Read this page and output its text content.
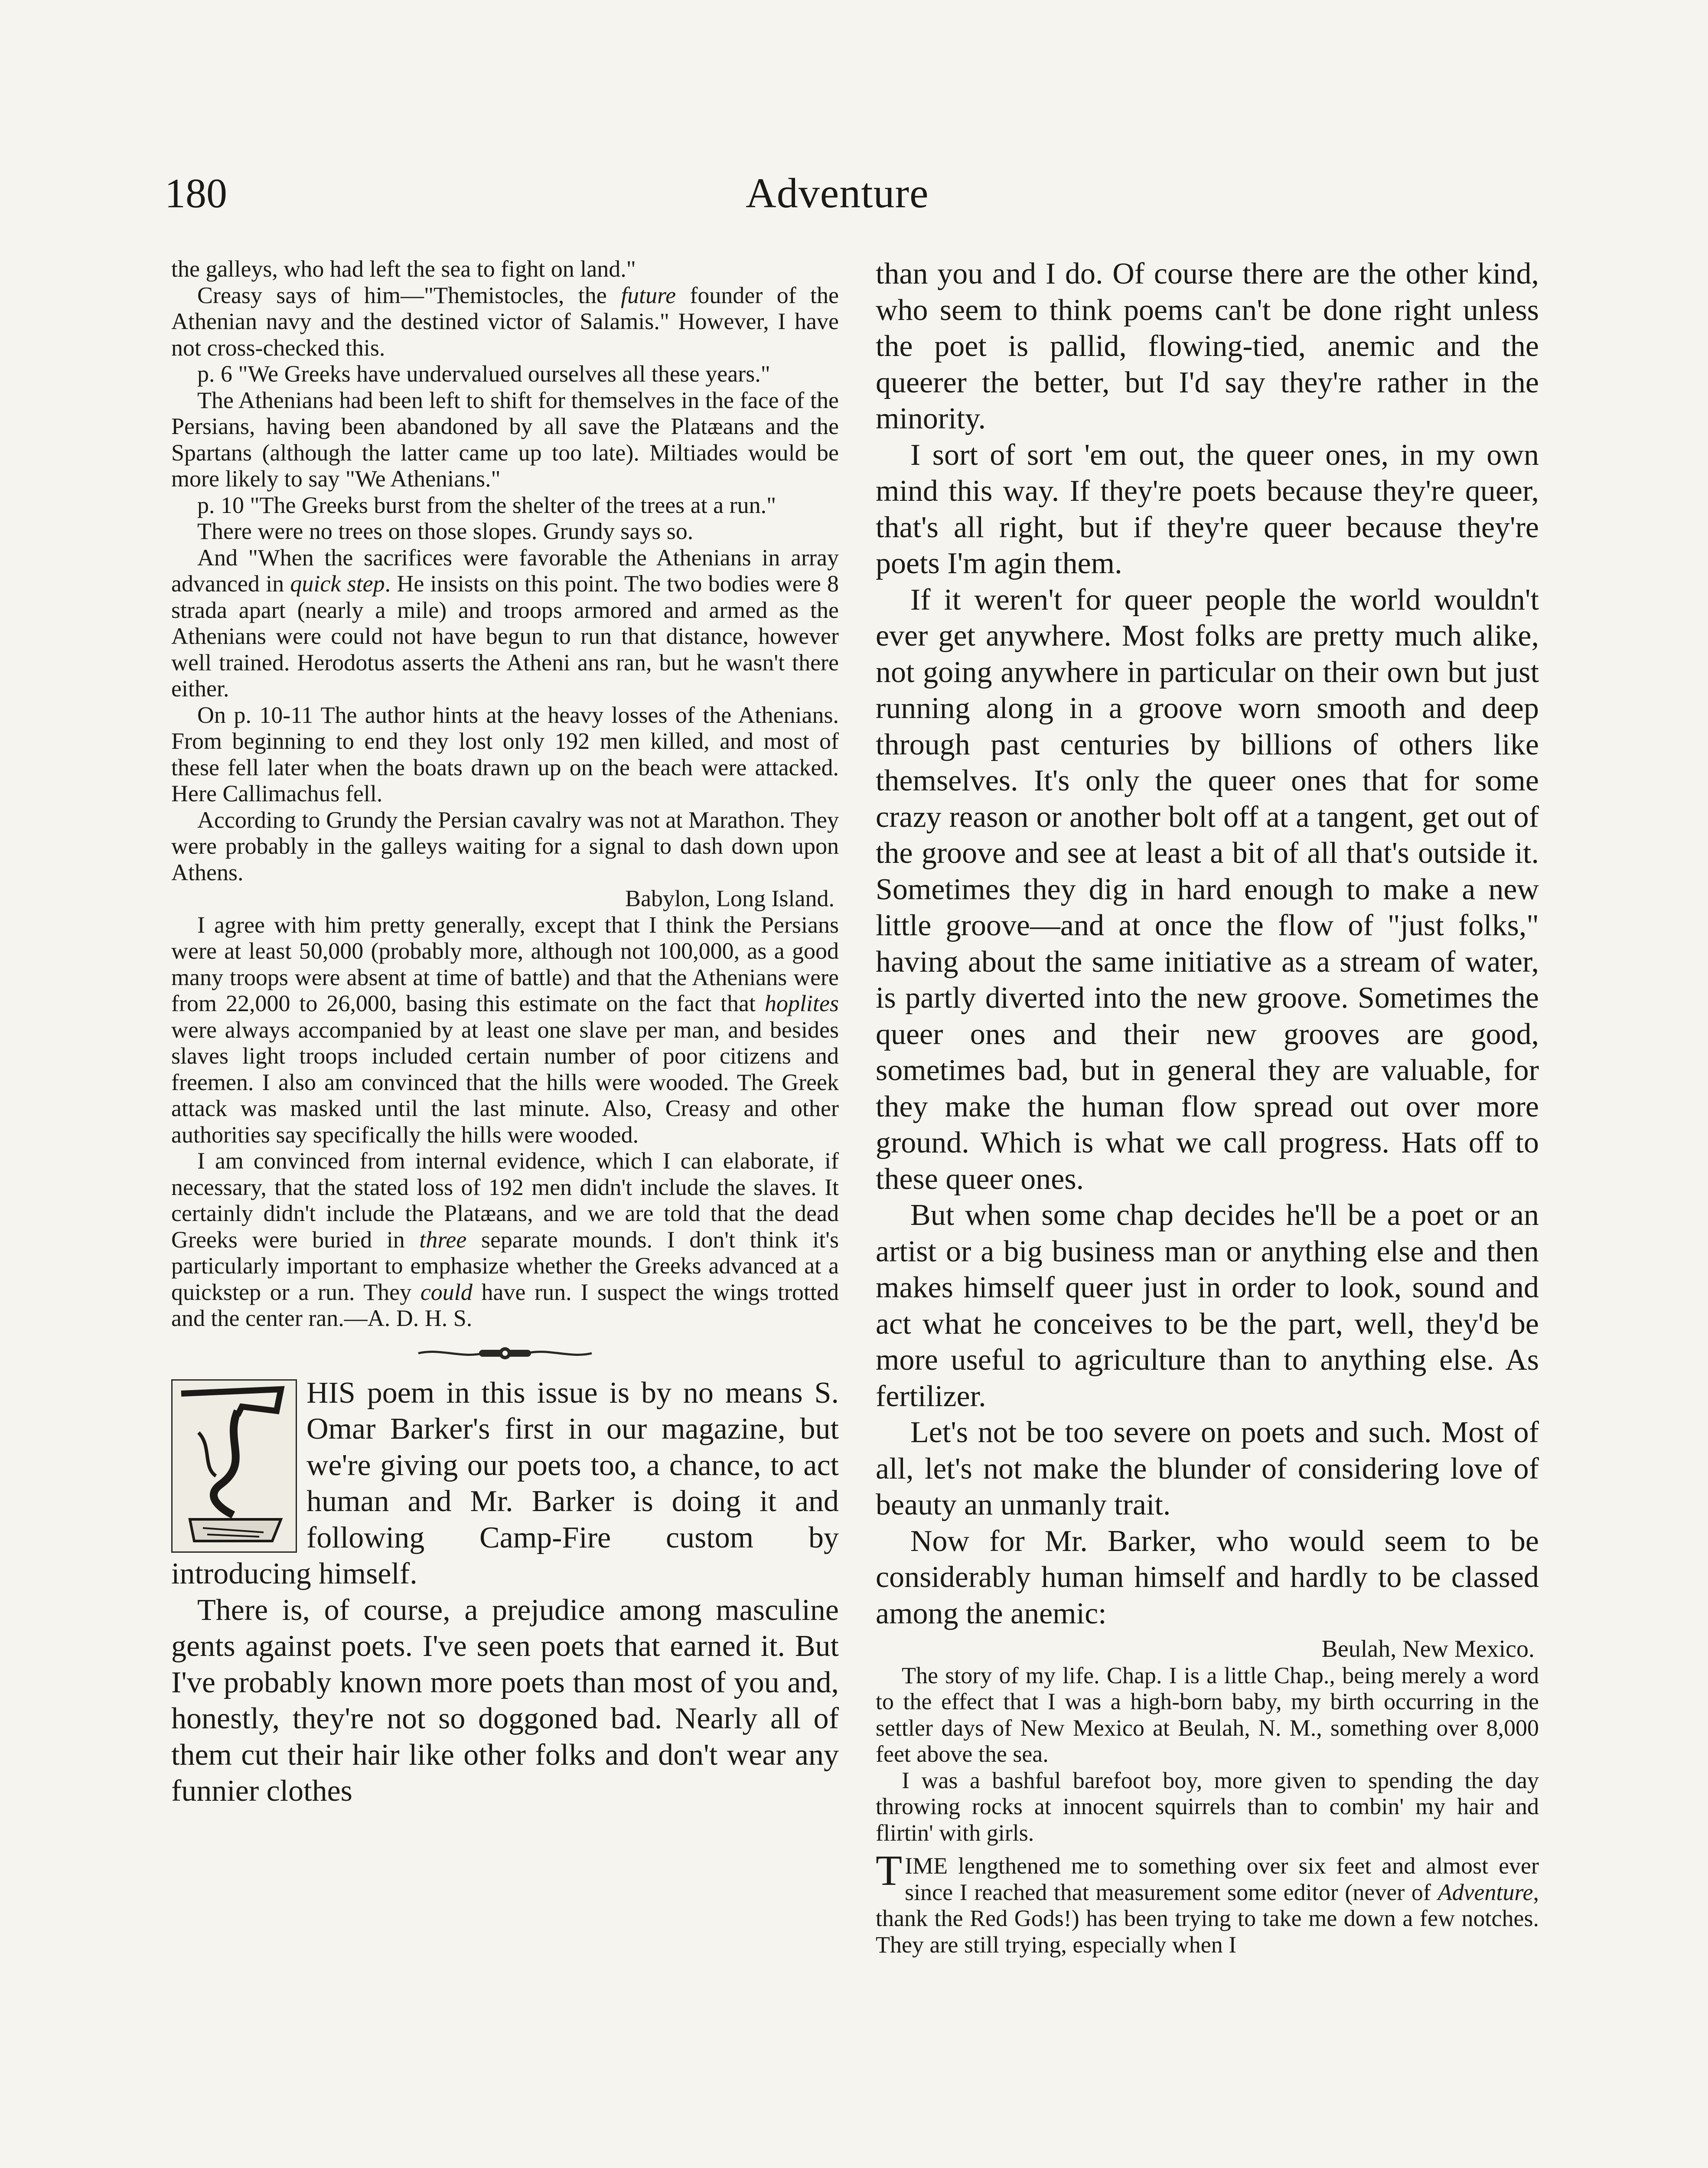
180	Adventure

the galleys, who had left the sea to fight on land."

Creasy says of him—"Themistocles, the future founder of the Athenian navy and the destined victor of Salamis." However, I have not cross-checked this.

p. 6 "We Greeks have undervalued ourselves all these years."

The Athenians had been left to shift for themselves in the face of the Persians, having been abandoned by all save the Platæans and the Spartans (although the latter came up too late). Miltiades would be more likely to say "We Athenians."

p. 10 "The Greeks burst from the shelter of the trees at a run."

There were no trees on those slopes. Grundy says so.

And "When the sacrifices were favorable the Athenians in array advanced in quick step. He insists on this point. The two bodies were 8 strada apart (nearly a mile) and troops armored and armed as the Athenians were could not have begun to run that distance, however well trained. Herodotus asserts the Atheni ans ran, but he wasn't there either.

On p. 10-11 The author hints at the heavy losses of the Athenians. From beginning to end they lost only 192 men killed, and most of these fell later when the boats drawn up on the beach were attacked. Here Callimachus fell.

According to Grundy the Persian cavalry was not at Marathon. They were probably in the galleys waiting for a signal to dash down upon Athens.

Babylon, Long Island.

I agree with him pretty generally, except that I think the Persians were at least 50,000 (probably more, although not 100,000, as a good many troops were absent at time of battle) and that the Athenians were from 22,000 to 26,000, basing this estimate on the fact that hoplites were always accompanied by at least one slave per man, and besides slaves light troops included certain number of poor citizens and freemen. I also am convinced that the hills were wooded. The Greek attack was masked until the last minute. Also, Creasy and other authorities say specifically the hills were wooded.

I am convinced from internal evidence, which I can elaborate, if necessary, that the stated loss of 192 men didn't include the slaves. It certainly didn't include the Platæans, and we are told that the dead Greeks were buried in three separate mounds. I don't think it's particularly important to emphasize whether the Greeks advanced at a quickstep or a run. They could have run. I suspect the wings trotted and the center ran.—A. D. H. S.

HIS poem in this issue is by no means S. Omar Barker's first in our magazine, but we're giving our poets too, a chance, to act human and Mr. Barker is doing it and following Camp-Fire custom by introducing himself.

There is, of course, a prejudice among masculine gents against poets. I've seen poets that earned it. But I've probably known more poets than most of you and, honestly, they're not so doggoned bad. Nearly all of them cut their hair like other folks and don't wear any funnier clothes

than you and I do. Of course there are the other kind, who seem to think poems can't be done right unless the poet is pallid, flowing-tied, anemic and the queerer the better, but I'd say they're rather in the minority.

I sort of sort 'em out, the queer ones, in my own mind this way. If they're poets because they're queer, that's all right, but if they're queer because they're poets I'm agin them.

If it weren't for queer people the world wouldn't ever get anywhere. Most folks are pretty much alike, not going anywhere in particular on their own but just running along in a groove worn smooth and deep through past centuries by billions of others like themselves. It's only the queer ones that for some crazy reason or another bolt off at a tangent, get out of the groove and see at least a bit of all that's outside it. Sometimes they dig in hard enough to make a new little groove—and at once the flow of "just folks," having about the same initiative as a stream of water, is partly diverted into the new groove. Sometimes the queer ones and their new grooves are good, sometimes bad, but in general they are valuable, for they make the human flow spread out over more ground. Which is what we call progress. Hats off to these queer ones.

But when some chap decides he'll be a poet or an artist or a big business man or anything else and then makes himself queer just in order to look, sound and act what he conceives to be the part, well, they'd be more useful to agriculture than to anything else. As fertilizer.

Let's not be too severe on poets and such. Most of all, let's not make the blunder of considering love of beauty an unmanly trait.

Now for Mr. Barker, who would seem to be considerably human himself and hardly to be classed among the anemic:

Beulah, New Mexico.

The story of my life. Chap. I is a little Chap., being merely a word to the effect that I was a high-born baby, my birth occurring in the settler days of New Mexico at Beulah, N. M., something over 8,000 feet above the sea.

I was a bashful barefoot boy, more given to spending the day throwing rocks at innocent squirrels than to combin' my hair and flirtin' with girls.

TIME lengthened me to something over six feet and almost ever since I reached that measurement some editor (never of Adventure, thank the Red Gods!) has been trying to take me down a few notches. They are still trying, especially when I
